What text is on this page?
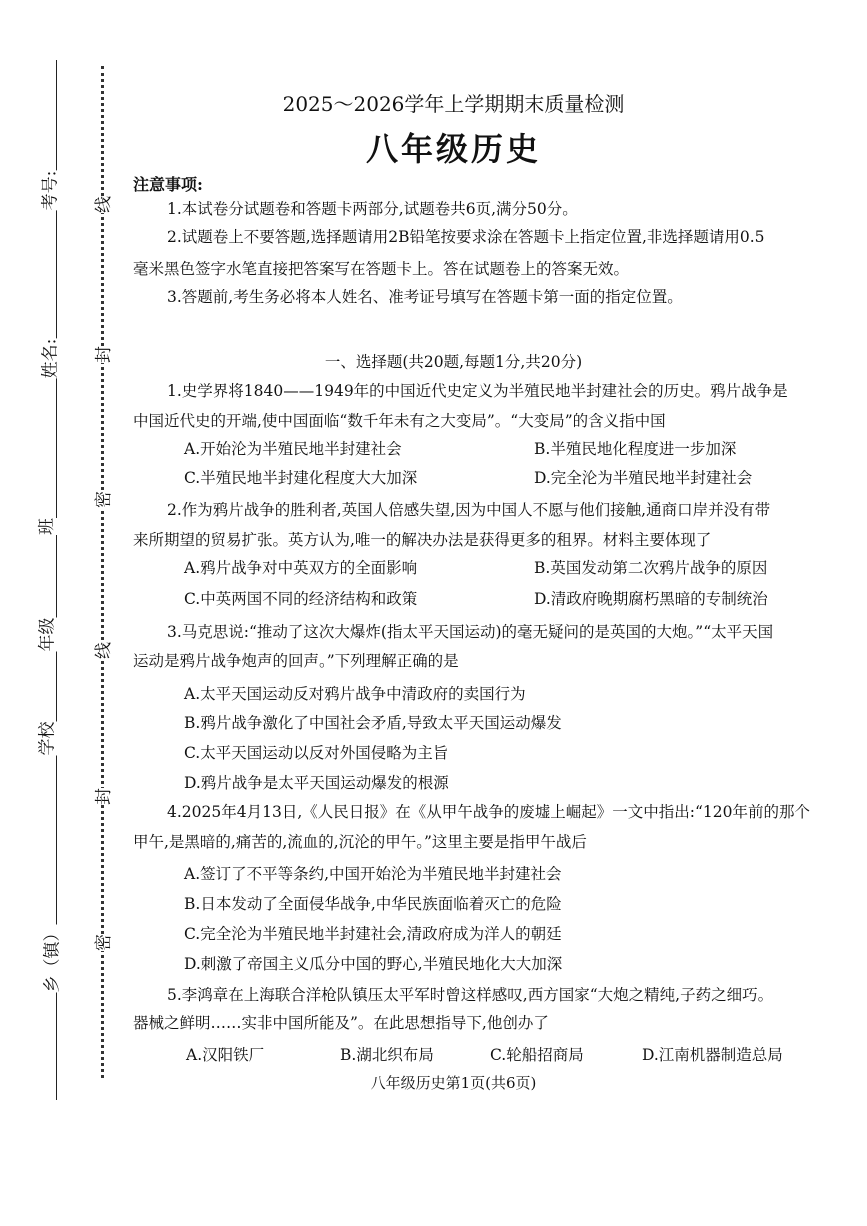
考号:
姓名:
班
年级
学校
乡（镇）
线
封
密
线
封
密
2025～2026学年上学期期末质量检测
八年级历史
注意事项:
1.本试卷分试题卷和答题卡两部分,试题卷共6页,满分50分。
2.试题卷上不要答题,选择题请用2B铅笔按要求涂在答题卡上指定位置,非选择题请用0.5
毫米黑色签字水笔直接把答案写在答题卡上。答在试题卷上的答案无效。
3.答题前,考生务必将本人姓名、准考证号填写在答题卡第一面的指定位置。
一、选择题(共20题,每题1分,共20分)
1.史学界将1840——1949年的中国近代史定义为半殖民地半封建社会的历史。鸦片战争是
中国近代史的开端,使中国面临“数千年未有之大变局”。“大变局”的含义指中国
A.开始沦为半殖民地半封建社会	B.半殖民地化程度进一步加深
C.半殖民地半封建化程度大大加深	D.完全沦为半殖民地半封建社会
2.作为鸦片战争的胜利者,英国人倍感失望,因为中国人不愿与他们接触,通商口岸并没有带
来所期望的贸易扩张。英方认为,唯一的解决办法是获得更多的租界。材料主要体现了
A.鸦片战争对中英双方的全面影响	B.英国发动第二次鸦片战争的原因
C.中英两国不同的经济结构和政策	D.清政府晚期腐朽黑暗的专制统治
3.马克思说:“推动了这次大爆炸(指太平天国运动)的毫无疑问的是英国的大炮。”“太平天国
运动是鸦片战争炮声的回声。”下列理解正确的是
A.太平天国运动反对鸦片战争中清政府的卖国行为
B.鸦片战争激化了中国社会矛盾,导致太平天国运动爆发
C.太平天国运动以反对外国侵略为主旨
D.鸦片战争是太平天国运动爆发的根源
4.2025年4月13日,《人民日报》在《从甲午战争的废墟上崛起》一文中指出:“120年前的那个
甲午,是黑暗的,痛苦的,流血的,沉沦的甲午。”这里主要是指甲午战后
A.签订了不平等条约,中国开始沦为半殖民地半封建社会
B.日本发动了全面侵华战争,中华民族面临着灭亡的危险
C.完全沦为半殖民地半封建社会,清政府成为洋人的朝廷
D.刺激了帝国主义瓜分中国的野心,半殖民地化大大加深
5.李鸿章在上海联合洋枪队镇压太平军时曾这样感叹,西方国家“大炮之精纯,子药之细巧。
器械之鲜明……实非中国所能及”。在此思想指导下,他创办了
A.汉阳铁厂	B.湖北织布局	C.轮船招商局	D.江南机器制造总局
八年级历史第1页(共6页)
